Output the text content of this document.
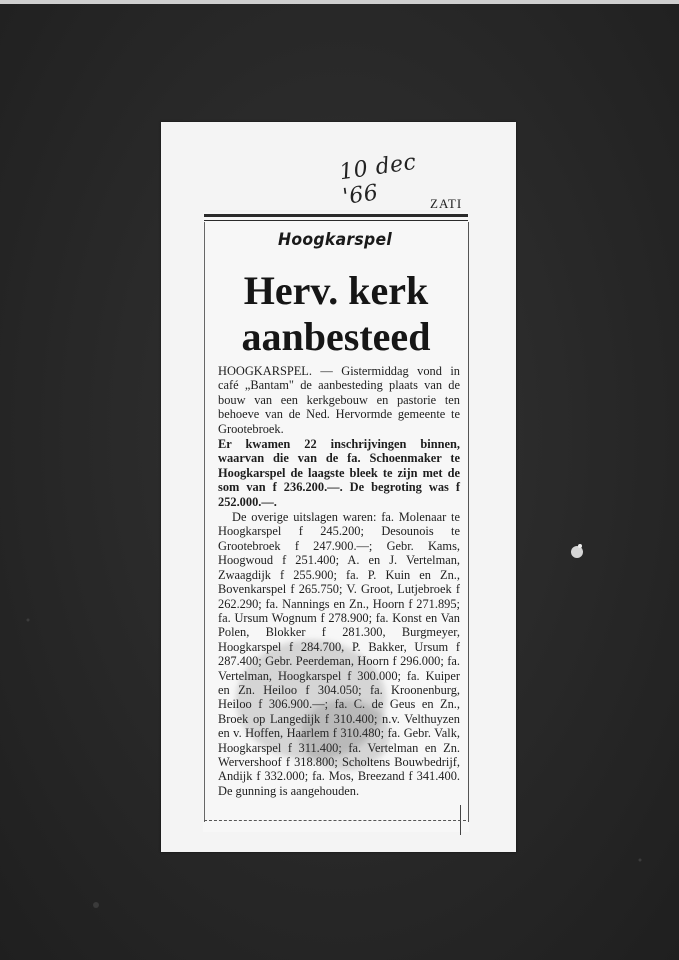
10 dec '66	ZATI
Hoogkarspel
Herv. kerk aanbesteed

HOOGKARSPEL. — Gistermiddag vond in café „Bantam" de aanbesteding plaats van de bouw van een kerkgebouw en pastorie ten behoeve van de Ned. Hervormde gemeente te Grootebroek.

Er kwamen 22 inschrijvingen binnen, waarvan die van de fa. Schoenmaker te Hoogkarspel de laagste bleek te zijn met de som van f 236.200.—. De begroting was f 252.000.—.

De overige uitslagen waren: fa. Molenaar te Hoogkarspel f 245.200; Desounois te Grootebroek f 247.900.—; Gebr. Kams, Hoogwoud f 251.400; A. en J. Vertelman, Zwaagdijk f 255.900; fa. P. Kuin en Zn., Bovenkarspel f 265.750; V. Groot, Lutjebroek f 262.290; fa. Nannings en Zn., Hoorn f 271.895; fa. Ursum Wognum f 278.900; fa. Konst en Van Polen, Blokker f 281.300, Burgmeyer, Hoogkarspel f 284.700, P. Bakker, Ursum f 287.400; Gebr. Peerdeman, Hoorn f 296.000; fa. Vertelman, Hoogkarspel f 300.000; fa. Kuiper en Zn. Heiloo f 304.050; fa. Kroonenburg, Heiloo f 306.900.—; fa. C. de Geus en Zn., Broek op Langedijk f 310.400; n.v. Velthuyzen en v. Hoffen, Haarlem f 310.480; fa. Gebr. Valk, Hoogkarspel f 311.400; fa. Vertelman en Zn. Wervershoof f 318.800; Scholtens Bouwbedrijf, Andijk f 332.000; fa. Mos, Breezand f 341.400. De gunning is aangehouden.
